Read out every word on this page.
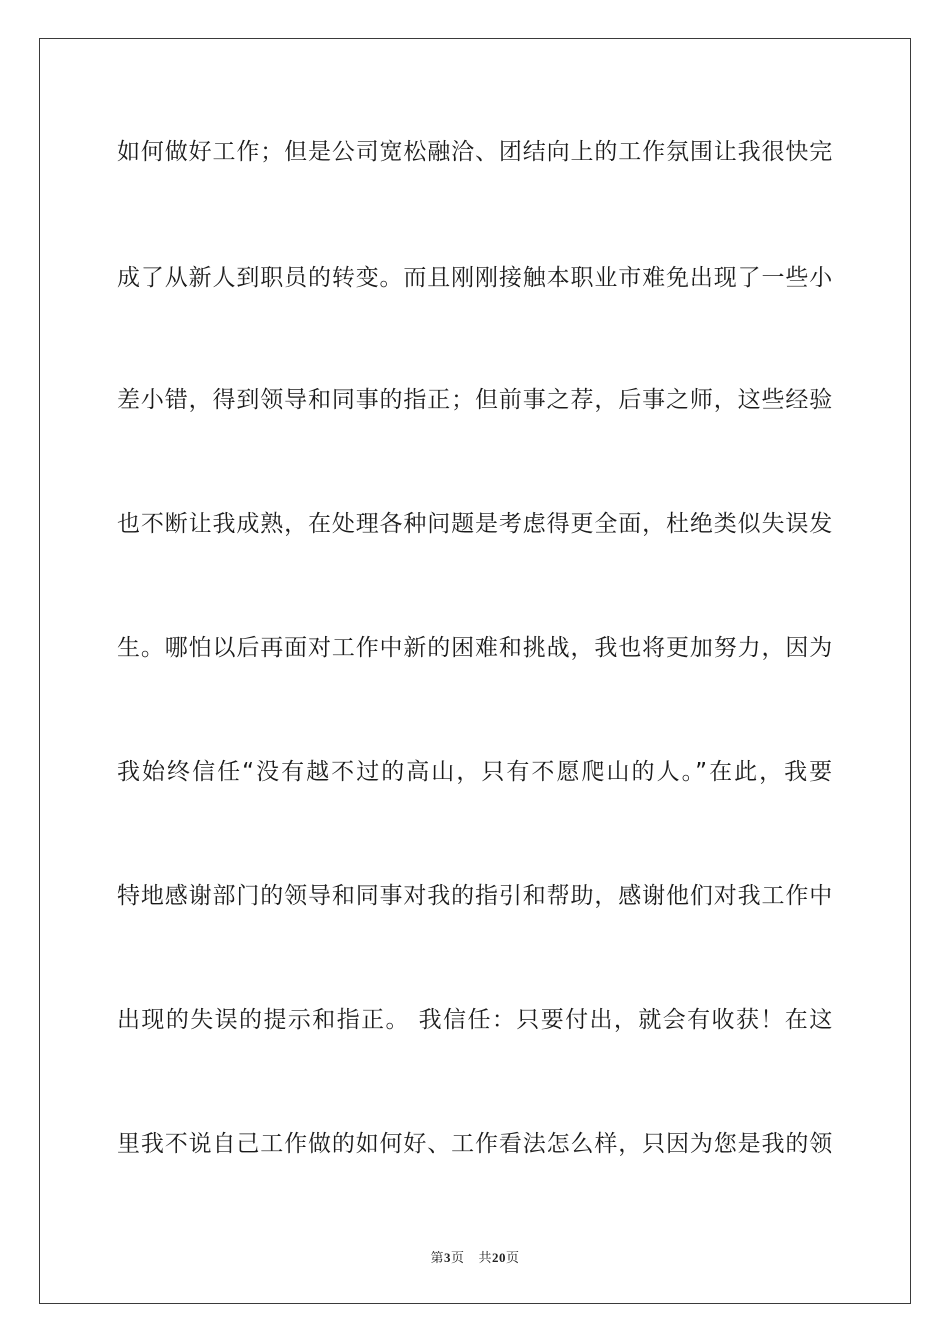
如何做好工作；但是公司宽松融洽、团结向上的工作氛围让我很快完
成了从新人到职员的转变。而且刚刚接触本职业市难免出现了一些小
差小错，得到领导和同事的指正；但前事之荐，后事之师，这些经验
也不断让我成熟，在处理各种问题是考虑得更全面，杜绝类似失误发
生。哪怕以后再面对工作中新的困难和挑战，我也将更加努力，因为
我始终信任“没有越不过的高山，只有不愿爬山的人。”在此，我要
特地感谢部门的领导和同事对我的指引和帮助，感谢他们对我工作中
出现的失误的提示和指正。 我信任：只要付出，就会有收获！在这
里我不说自己工作做的如何好、工作看法怎么样，只因为您是我的领
第3页 共20页
